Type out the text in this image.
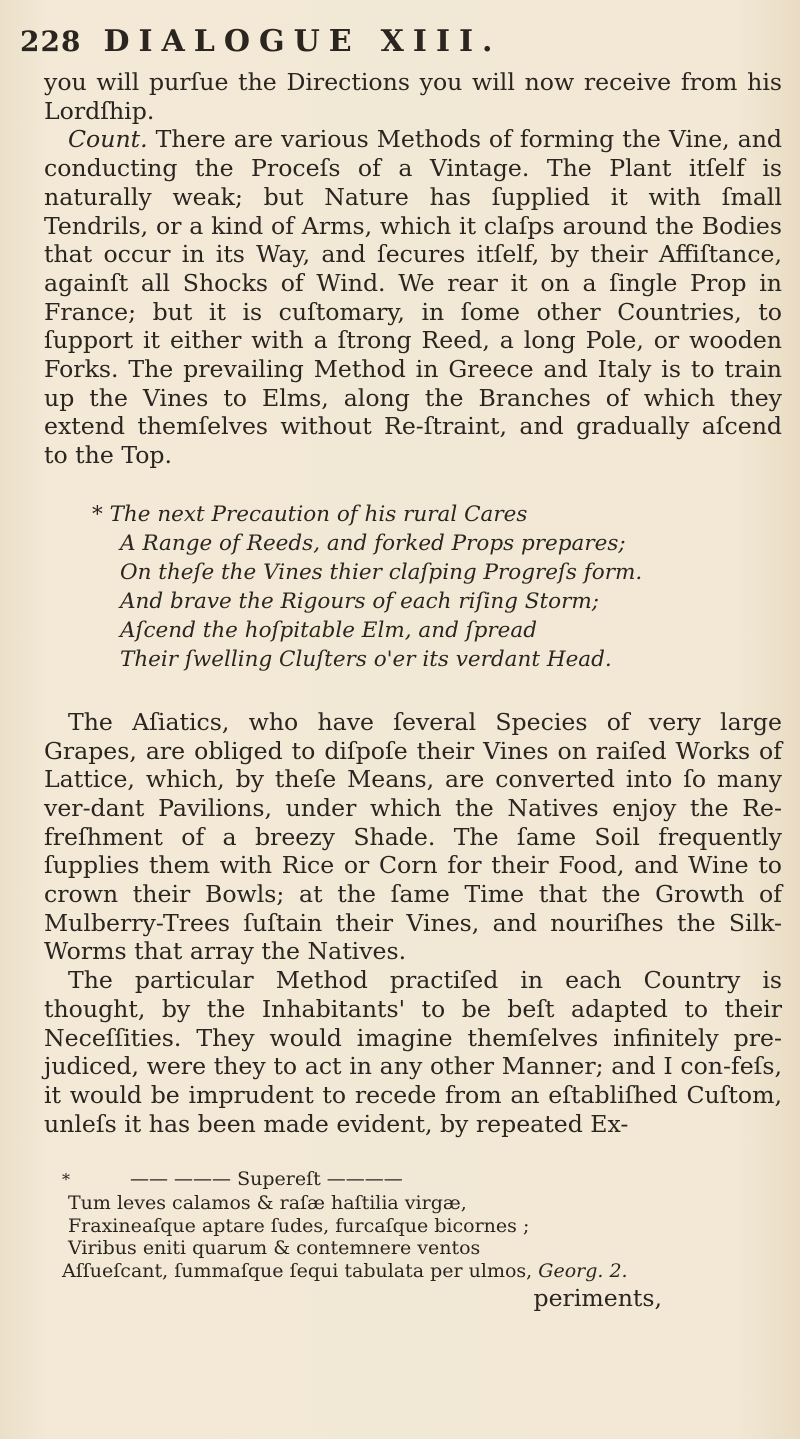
228 DIALOGUE XIII.

you will purſue the Directions you will now receive from his Lordſhip.

Count. There are various Methods of forming the Vine, and conducting the Proceſs of a Vintage. The Plant itſelf is naturally weak; but Nature has ſupplied it with ſmall Tendrils, or a kind of Arms, which it claſps around the Bodies that occur in its Way, and ſecures itſelf, by their Affiſtance, againſt all Shocks of Wind. We rear it on a ſingle Prop in France; but it is cuſtomary, in ſome other Countries, to ſupport it either with a ſtrong Reed, a long Pole, or wooden Forks. The prevailing Method in Greece and Italy is to train up the Vines to Elms, along the Branches of which they extend themſelves without Re-ſtraint, and gradually aſcend to the Top.

* The next Precaution of his rural Cares
A Range of Reeds, and forked Props prepares;
On theſe the Vines thier claſping Progreſs form.
And brave the Rigours of each riſing Storm;
Aſcend the hoſpitable Elm, and ſpread
Their ſwelling Cluſters o'er its verdant Head.

The Aſiatics, who have ſeveral Species of very large Grapes, are obliged to diſpoſe their Vines on raiſed Works of Lattice, which, by theſe Means, are converted into ſo many ver-dant Pavilions, under which the Natives enjoy the Re-freſhment of a breezy Shade. The ſame Soil frequently ſupplies them with Rice or Corn for their Food, and Wine to crown their Bowls; at the ſame Time that the Growth of Mulberry-Trees ſuſtain their Vines, and nouriſhes the Silk-Worms that array the Natives.

The particular Method practiſed in each Country is thought, by the Inhabitants' to be beſt adapted to their Neceſſities. They would imagine themſelves infinitely pre-judiced, were they to act in any other Manner; and I con-feſs, it would be imprudent to recede from an eſtabliſhed Cuſtom, unleſs it has been made evident, by repeated Ex-

*	—— ——— Supereſt ————
Tum leves calamos & raſæ haſtilia virgæ,
Fraxineaſque aptare ſudes, furcaſque bicornes ;
Viribus eniti quarum & contemnere ventos
Aſſueſcant, ſummaſque ſequi tabulata per ulmos, Georg. 2.
periments,
